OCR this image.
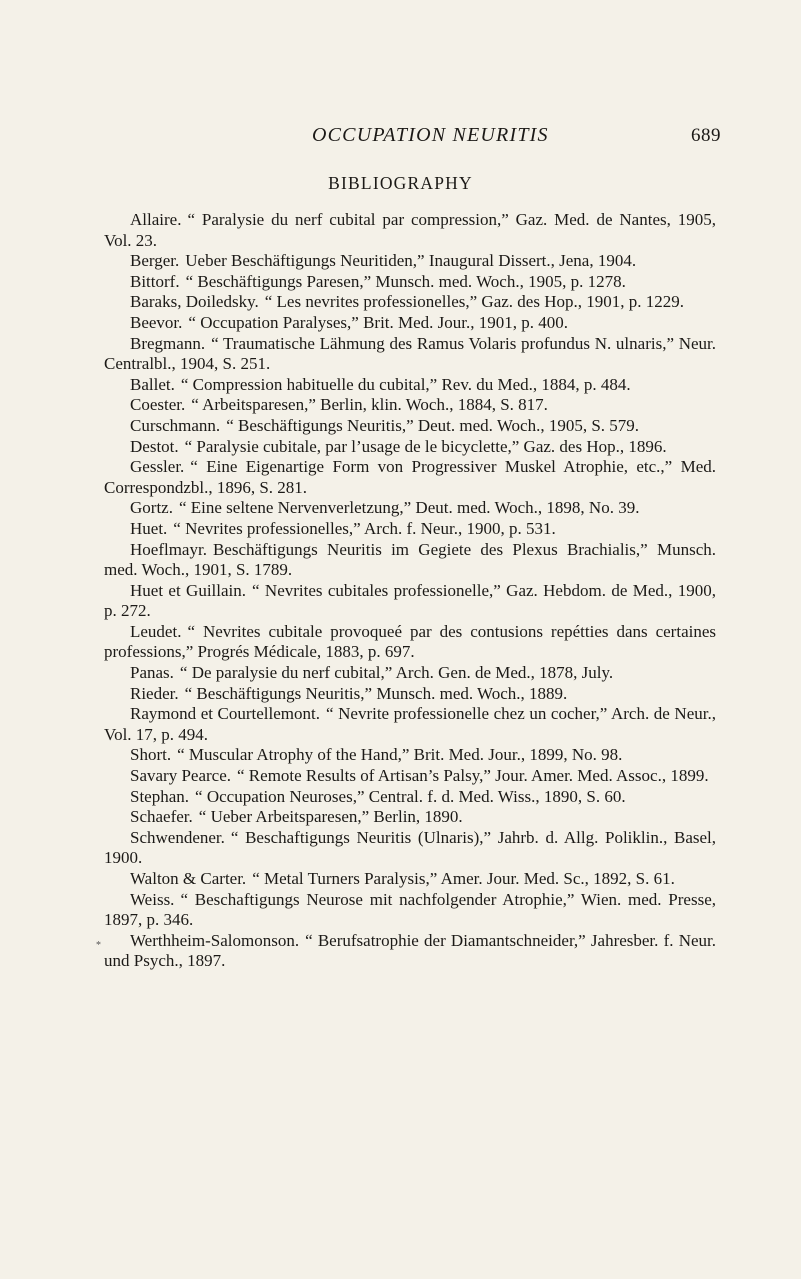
OCCUPATION NEURITIS	689
BIBLIOGRAPHY
Allaire. “ Paralysie du nerf cubital par compression,” Gaz. Med. de Nantes, 1905, Vol. 23.
Berger. Ueber Beschäftigungs Neuritiden,” Inaugural Dissert., Jena, 1904.
Bittorf. “ Beschäftigungs Paresen,” Munsch. med. Woch., 1905, p. 1278.
Baraks, Doiledsky. “ Les nevrites professionelles,” Gaz. des Hop., 1901, p. 1229.
Beevor. “ Occupation Paralyses,” Brit. Med. Jour., 1901, p. 400.
Bregmann. “ Traumatische Lähmung des Ramus Volaris profundus N. ulnaris,” Neur. Centralbl., 1904, S. 251.
Ballet. “ Compression habituelle du cubital,” Rev. du Med., 1884, p. 484.
Coester. “ Arbeitsparesen,” Berlin, klin. Woch., 1884, S. 817.
Curschmann. “ Beschäftigungs Neuritis,” Deut. med. Woch., 1905, S. 579.
Destot. “ Paralysie cubitale, par l’usage de le bicyclette,” Gaz. des Hop., 1896.
Gessler. “ Eine Eigenartige Form von Progressiver Muskel Atrophie, etc.,” Med. Correspondzbl., 1896, S. 281.
Gortz. “ Eine seltene Nervenverletzung,” Deut. med. Woch., 1898, No. 39.
Huet. “ Nevrites professionelles,” Arch. f. Neur., 1900, p. 531.
Hoeflmayr. Beschäftigungs Neuritis im Gegiete des Plexus Brachialis,” Munsch. med. Woch., 1901, S. 1789.
Huet et Guillain. “ Nevrites cubitales professionelle,” Gaz. Hebdom. de Med., 1900, p. 272.
Leudet. “ Nevrites cubitale provoqueé par des contusions repétties dans certaines professions,” Progrés Médicale, 1883, p. 697.
Panas. “ De paralysie du nerf cubital,” Arch. Gen. de Med., 1878, July.
Rieder. “ Beschäftigungs Neuritis,” Munsch. med. Woch., 1889.
Raymond et Courtellemont. “ Nevrite professionelle chez un cocher,” Arch. de Neur., Vol. 17, p. 494.
Short. “ Muscular Atrophy of the Hand,” Brit. Med. Jour., 1899, No. 98.
Savary Pearce. “ Remote Results of Artisan’s Palsy,” Jour. Amer. Med. Assoc., 1899.
Stephan. “ Occupation Neuroses,” Central. f. d. Med. Wiss., 1890, S. 60.
Schaefer. “ Ueber Arbeitsparesen,” Berlin, 1890.
Schwendener. “ Beschaftigungs Neuritis (Ulnaris),” Jahrb. d. Allg. Poliklin., Basel, 1900.
Walton & Carter. “ Metal Turners Paralysis,” Amer. Jour. Med. Sc., 1892, S. 61.
Weiss. “ Beschaftigungs Neurose mit nachfolgender Atrophie,” Wien. med. Presse, 1897, p. 346.
Werthheim-Salomonson. “ Berufsatrophie der Diamantschneider,” Jahresber. f. Neur. und Psych., 1897.
*
